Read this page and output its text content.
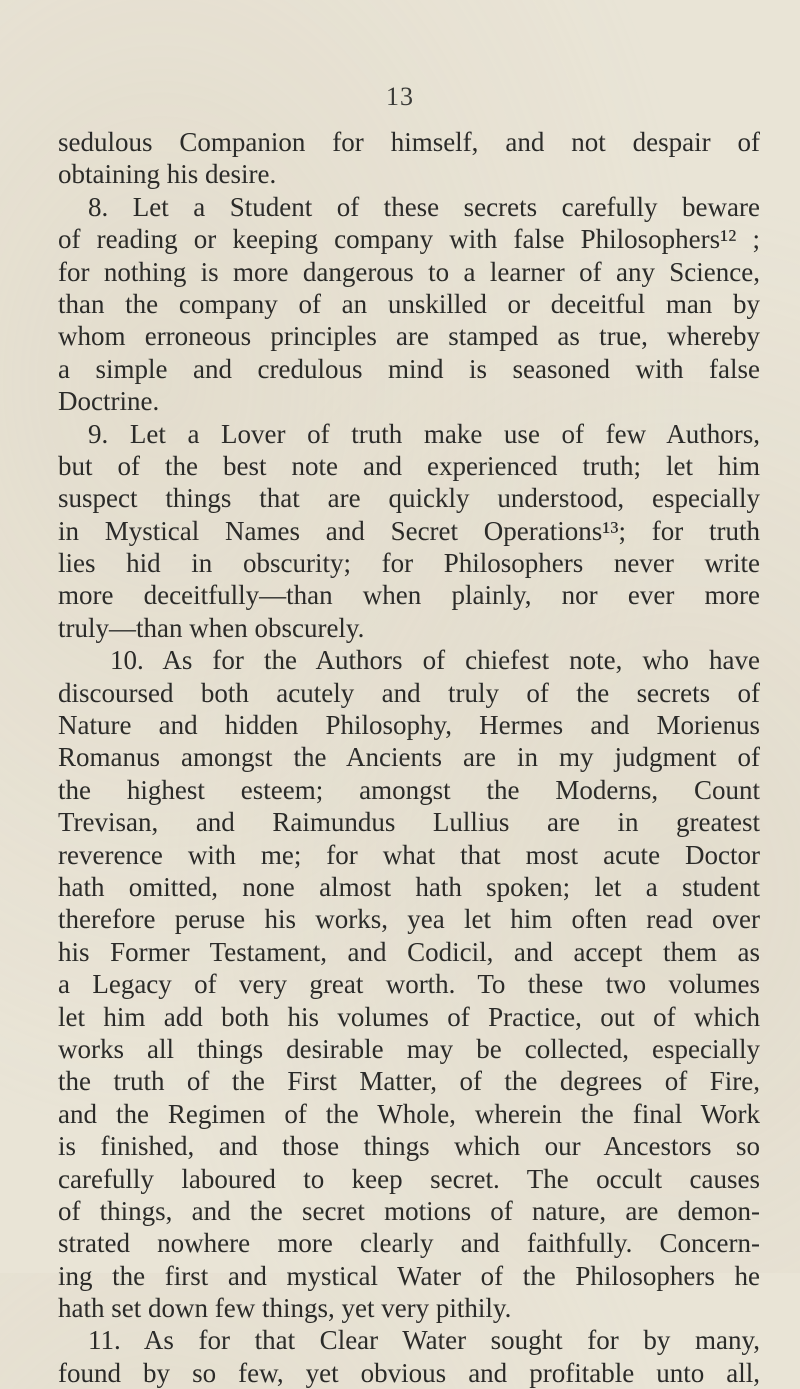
13
sedulous Companion for himself, and not despair of
obtaining his desire.
8. Let a Student of these secrets carefully beware
of reading or keeping company with false Philosophers¹² ;
for nothing is more dangerous to a learner of any Science,
than the company of an unskilled or deceitful man by
whom erroneous principles are stamped as true, whereby
a simple and credulous mind is seasoned with false
Doctrine.
9. Let a Lover of truth make use of few Authors,
but of the best note and experienced truth; let him
suspect things that are quickly understood, especially
in Mystical Names and Secret Operations¹³; for truth
lies hid in obscurity; for Philosophers never write
more deceitfully—than when plainly, nor ever more
truly—than when obscurely.
10. As for the Authors of chiefest note, who have
discoursed both acutely and truly of the secrets of
Nature and hidden Philosophy, Hermes and Morienus
Romanus amongst the Ancients are in my judgment of
the highest esteem; amongst the Moderns, Count
Trevisan, and Raimundus Lullius are in greatest
reverence with me; for what that most acute Doctor
hath omitted, none almost hath spoken; let a student
therefore peruse his works, yea let him often read over
his Former Testament, and Codicil, and accept them as
a Legacy of very great worth. To these two volumes
let him add both his volumes of Practice, out of which
works all things desirable may be collected, especially
the truth of the First Matter, of the degrees of Fire,
and the Regimen of the Whole, wherein the final Work
is finished, and those things which our Ancestors so
carefully laboured to keep secret. The occult causes
of things, and the secret motions of nature, are demon-
strated nowhere more clearly and faithfully. Concern-
ing the first and mystical Water of the Philosophers he
hath set down few things, yet very pithily.
11. As for that Clear Water sought for by many,
found by so few, yet obvious and profitable unto all,
